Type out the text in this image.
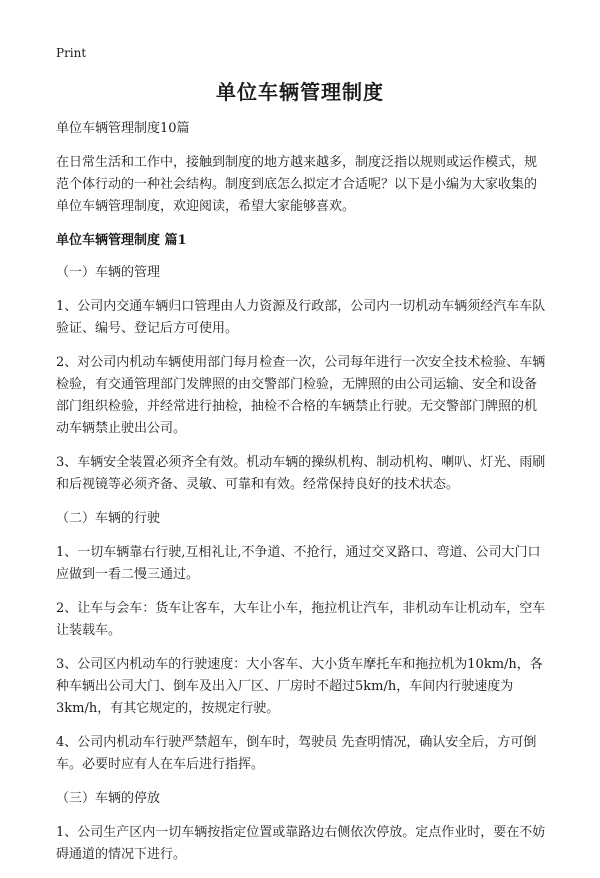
Print
单位车辆管理制度

单位车辆管理制度10篇

在日常生活和工作中，接触到制度的地方越来越多，制度泛指以规则或运作模式，规范个体行动的一种社会结构。制度到底怎么拟定才合适呢？以下是小编为大家收集的单位车辆管理制度，欢迎阅读，希望大家能够喜欢。

单位车辆管理制度 篇1

（一）车辆的管理

1、公司内交通车辆归口管理由人力资源及行政部，公司内一切机动车辆须经汽车车队验证、编号、登记后方可使用。

2、对公司内机动车辆使用部门每月检查一次，公司每年进行一次安全技术检验、车辆检验，有交通管理部门发牌照的由交警部门检验，无牌照的由公司运输、安全和设备部门组织检验，并经常进行抽检，抽检不合格的车辆禁止行驶。无交警部门牌照的机动车辆禁止驶出公司。

3、车辆安全装置必须齐全有效。机动车辆的操纵机构、制动机构、喇叭、灯光、雨刷和后视镜等必须齐备、灵敏、可靠和有效。经常保持良好的技术状态。

（二）车辆的行驶

1、一切车辆靠右行驶,互相礼让,不争道、不抢行，通过交叉路口、弯道、公司大门口应做到一看二慢三通过。

2、让车与会车：货车让客车，大车让小车，拖拉机让汽车，非机动车让机动车，空车让装载车。

3、公司区内机动车的行驶速度：大小客车、大小货车摩托车和拖拉机为10km/h，各种车辆出公司大门、倒车及出入厂区、厂房时不超过5km/h，车间内行驶速度为3km/h，有其它规定的，按规定行驶。

4、公司内机动车行驶严禁超车，倒车时，驾驶员 先查明情况，确认安全后，方可倒车。必要时应有人在车后进行指挥。

（三）车辆的停放

1、公司生产区内一切车辆按指定位置或靠路边右侧依次停放。定点作业时，要在不妨碍通道的情况下进行。
